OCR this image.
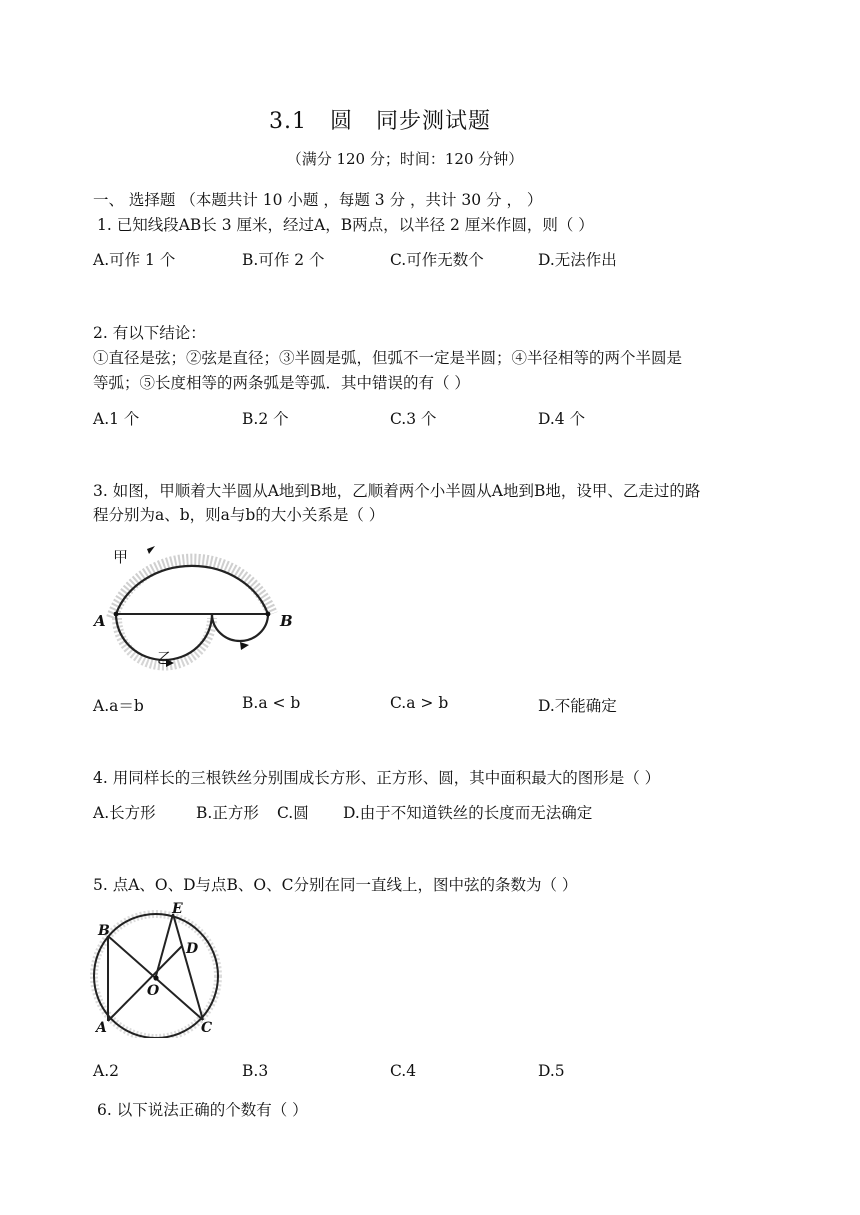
3.1　圆　同步测试题
（满分 120 分；时间：120 分钟）
一、 选择题 （本题共计 10 小题 ，每题 3 分 ，共计 30 分 ， ）
1. 已知线段AB长 3 厘米，经过A，B两点，以半径 2 厘米作圆，则（ ）
A.可作 1 个	B.可作 2 个	C.可作无数个	D.无法作出
2. 有以下结论：
①直径是弦；②弦是直径；③半圆是弧，但弧不一定是半圆；④半径相等的两个半圆是
等弧；⑤长度相等的两条弧是等弧．其中错误的有（ ）
A.1 个	B.2 个	C.3 个	D.4 个
3. 如图，甲顺着大半圆从A地到B地，乙顺着两个小半圆从A地到B地，设甲、乙走过的路
程分别为a、b，则a与b的大小关系是（ ）
甲
乙
A	B
A.a＝b	B.a < b	C.a > b	D.不能确定
4. 用同样长的三根铁丝分别围成长方形、正方形、圆，其中面积最大的图形是（ ）
A.长方形	B.正方形 C.圆 D.由于不知道铁丝的长度而无法确定
5. 点A、O、D与点B、O、C分别在同一直线上，图中弦的条数为（ ）
E
B
D
O
A	C
A.2	B.3	C.4	D.5
6. 以下说法正确的个数有（ ）
